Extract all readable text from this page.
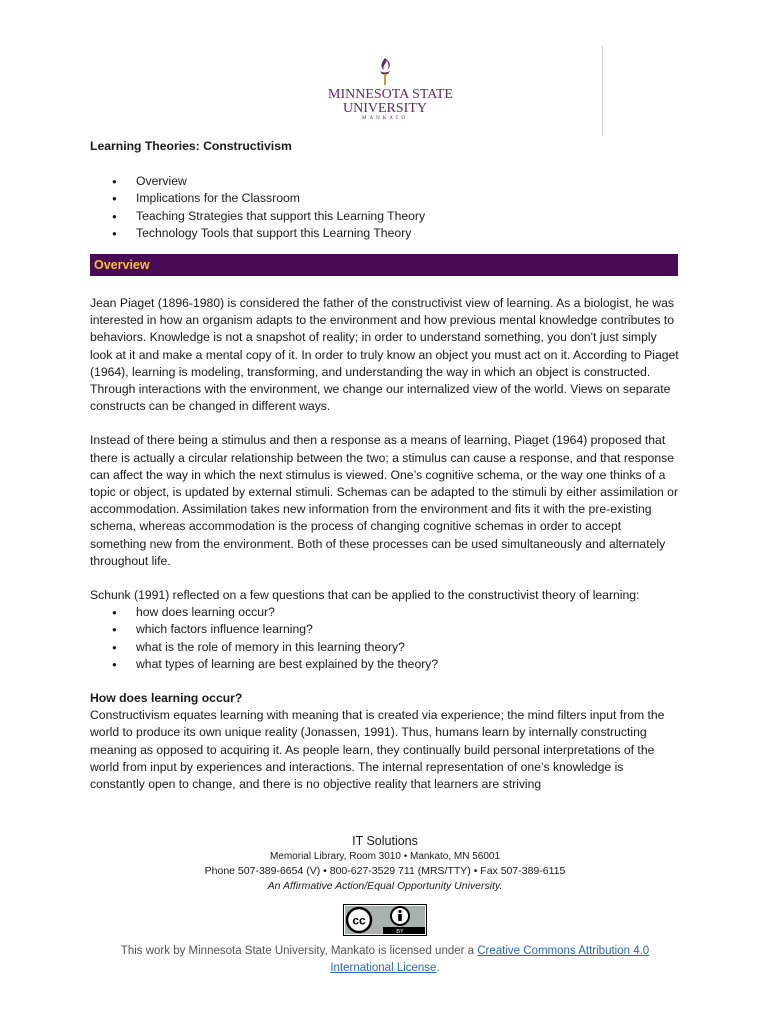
MINNESOTA STATE
UNIVERSITY
MANKATO

Learning Theories: Constructivism

● Overview
● Implications for the Classroom
● Teaching Strategies that support this Learning Theory
● Technology Tools that support this Learning Theory
Overview

Jean Piaget (1896-1980) is considered the father of the constructivist view of learning. As a biologist, he was interested in how an organism adapts to the environment and how previous mental knowledge contributes to behaviors. Knowledge is not a snapshot of reality; in order to understand something, you don't just simply look at it and make a mental copy of it. In order to truly know an object you must act on it. According to Piaget (1964), learning is modeling, transforming, and understanding the way in which an object is constructed. Through interactions with the environment, we change our internalized view of the world. Views on separate constructs can be changed in different ways.

Instead of there being a stimulus and then a response as a means of learning, Piaget (1964) proposed that there is actually a circular relationship between the two; a stimulus can cause a response, and that response can affect the way in which the next stimulus is viewed. One’s cognitive schema, or the way one thinks of a topic or object, is updated by external stimuli. Schemas can be adapted to the stimuli by either assimilation or accommodation. Assimilation takes new information from the environment and fits it with the pre-existing schema, whereas accommodation is the process of changing cognitive schemas in order to accept something new from the environment. Both of these processes can be used simultaneously and alternately throughout life.

Schunk (1991) reflected on a few questions that can be applied to the constructivist theory of learning:

● how does learning occur?
● which factors influence learning?
● what is the role of memory in this learning theory?
● what types of learning are best explained by the theory?

How does learning occur?

Constructivism equates learning with meaning that is created via experience; the mind filters input from the world to produce its own unique reality (Jonassen, 1991). Thus, humans learn by internally constructing meaning as opposed to acquiring it. As people learn, they continually build personal interpretations of the world from input by experiences and interactions. The internal representation of one’s knowledge is constantly open to change, and there is no objective reality that learners are striving

IT Solutions
Memorial Library, Room 3010 • Mankato, MN 56001
Phone 507-389-6654 (V) • 800-627-3529 711 (MRS/TTY) • Fax 507-389-6115
An Affirmative Action/Equal Opportunity University.
cc
BY
This work by Minnesota State University, Mankato is licensed under a Creative Commons Attribution 4.0 International License.
